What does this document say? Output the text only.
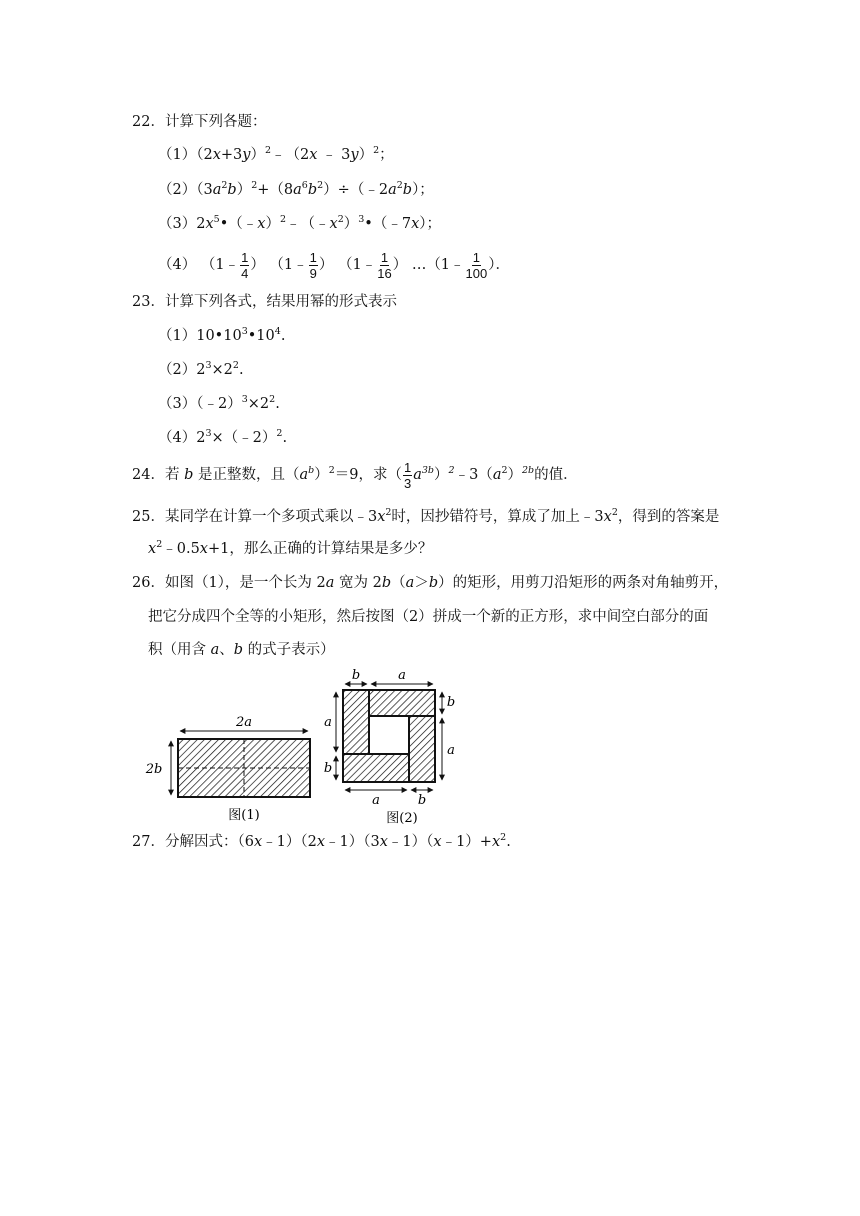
22．计算下列各题：
$(1)(2x+3y)^2﹣(2x$ ﹣ 3y）$^2$；
$(2)(3a^2b)^2+(8a^6b^2)\div(﹣2a^2b)$；
$(3)2x^5•(﹣x)^2﹣(﹣x^2)^3•(﹣7x)$；
（4） （1﹣ $\frac{1}{4}$ ） （1﹣ $\frac{1}{9}$ ） （1﹣ $\frac{1}{16}$ ） …（1﹣ $\frac{1}{100}$ ）．
23．计算下列各式，结果用幂的形式表示
$(1)10•10^3•10^4$.
$(2)2^3\times 2^2$.
$(3)(﹣2)^3\times 2^2$.
$(4)2^3\times(﹣2)^2$.
24．若 b 是正整数，且$(a^b)^2=9$，求（ $\frac{1}{3}$ $a^{3b})^2﹣3(a^2)^{2b}$的值．
25．某同学在计算一个多项式乘以$﹣3x^2$时，因抄错符号，算成了加上$﹣3x^2$，得到的答案是
$x^2﹣0.5x+1$，那么正确的计算结果是多少？
26．如图（1），是一个长为 2a 宽为 2b（a＞b）的矩形，用剪刀沿矩形的两条对角轴剪开，
把它分成四个全等的小矩形，然后按图（2）拼成一个新的正方形，求中间空白部分的面
积（用含 a、b 的式子表示）
2a
2b
图(1)
b	a
a
b
b
a
a	b
图(2)
27．分解因式：$(6x﹣1)(2x﹣1)(3x﹣1)(x﹣1)+x^2$.
